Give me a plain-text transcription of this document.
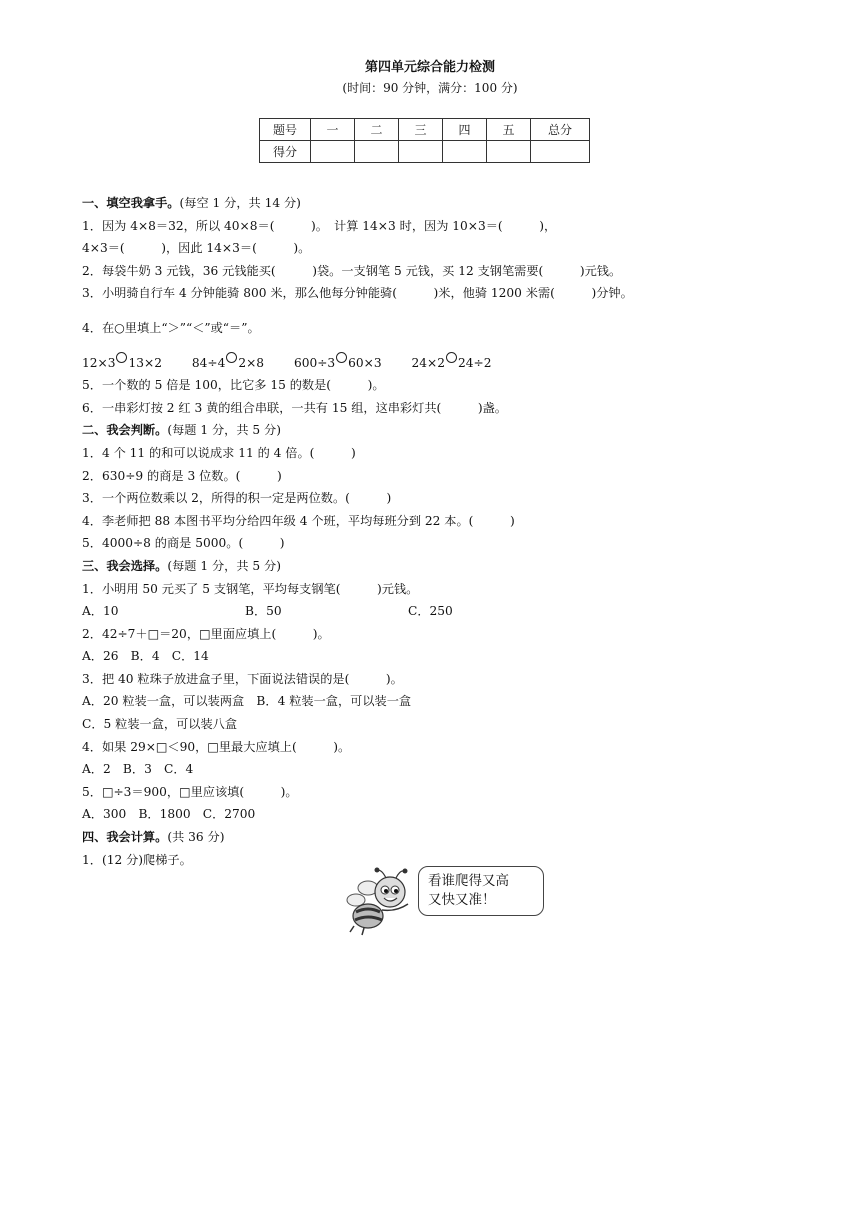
第四单元综合能力检测
(时间：90 分钟，满分：100 分)
题号	一	二	三	四	五	总分
得分						
一、填空我拿手。(每空 1 分，共 14 分)
1．因为 4×8＝32，所以 40×8＝(　　　)。　计算 14×3 时，因为 10×3＝(　　　)，
4×3＝(　　　)，因此 14×3＝(　　　)。
2．每袋牛奶 3 元钱，36 元钱能买(　　　)袋。一支钢笔 5 元钱，买 12 支钢笔需要(　　　)元钱。
3．小明骑自行车 4 分钟能骑 800 米，那么他每分钟能骑(　　　)米，他骑 1200 米需(　　　)分钟。
4．在○里填上“＞”“＜”或“＝”。
12×3 13×2 84÷4 2×8 600÷3 60×3 24×2 24÷2
5．一个数的 5 倍是 100，比它多 15 的数是(　　　)。
6．一串彩灯按 2 红 3 黄的组合串联，一共有 15 组，这串彩灯共(　　　)盏。
二、我会判断。(每题 1 分，共 5 分)
1．4 个 11 的和可以说成求 11 的 4 倍。(　　　)
2．630÷9 的商是 3 位数。(　　　)
3．一个两位数乘以 2，所得的积一定是两位数。(　　　)
4．李老师把 88 本图书平均分给四年级 4 个班，平均每班分到 22 本。(　　　)
5．4000÷8 的商是 5000。(　　　)
三、我会选择。(每题 1 分，共 5 分)
1．小明用 50 元买了 5 支钢笔，平均每支钢笔(　　　)元钱。
A．10	B．50	C．250
2．42÷7＋□＝20，□里面应填上(　　　)。
A．26　B．4　C．14
3．把 40 粒珠子放进盒子里，下面说法错误的是(　　　)。
A．20 粒装一盒，可以装两盒　B．4 粒装一盒，可以装一盒
C．5 粒装一盒，可以装八盒
4．如果 29×□＜90，□里最大应填上(　　　)。
A．2　B．3　C．4
5．□÷3＝900，□里应该填(　　　)。
A．300　B．1800　C．2700
四、我会计算。(共 36 分)
1．(12 分)爬梯子。
看谁爬得又高
又快又准！
